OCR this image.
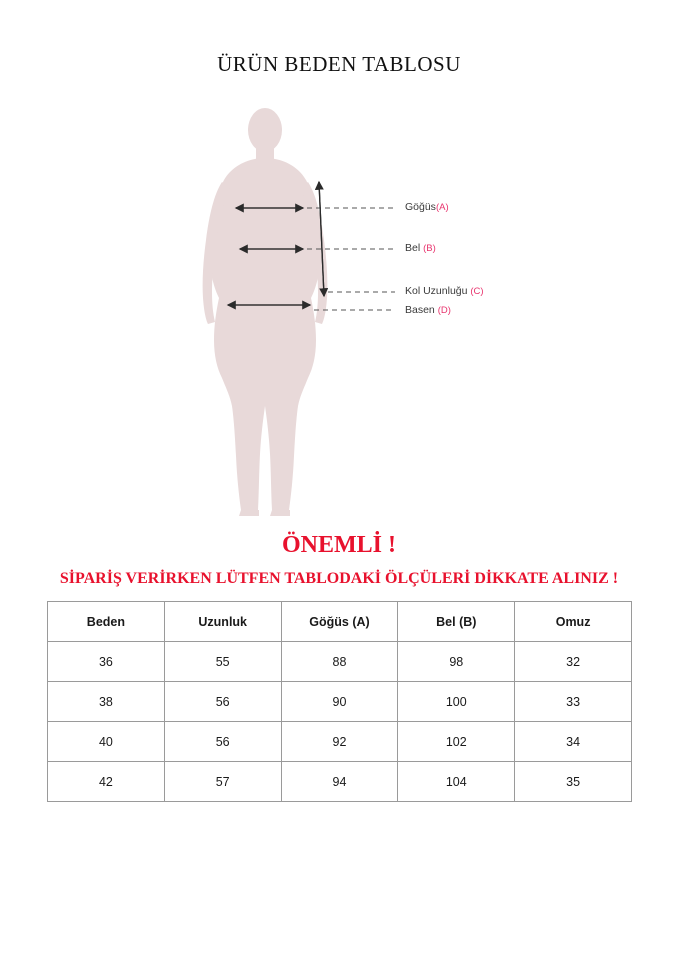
ÜRÜN BEDEN TABLOSU
Göğüs(A)
Bel (B)
Kol Uzunluğu (C)
Basen (D)
ÖNEMLİ !
SİPARİŞ VERİRKEN LÜTFEN TABLODAKİ ÖLÇÜLERİ DİKKATE ALINIZ !
Beden	Uzunluk	Göğüs (A)	Bel (B)	Omuz
36	55	88	98	32
38	56	90	100	33
40	56	92	102	34
42	57	94	104	35
